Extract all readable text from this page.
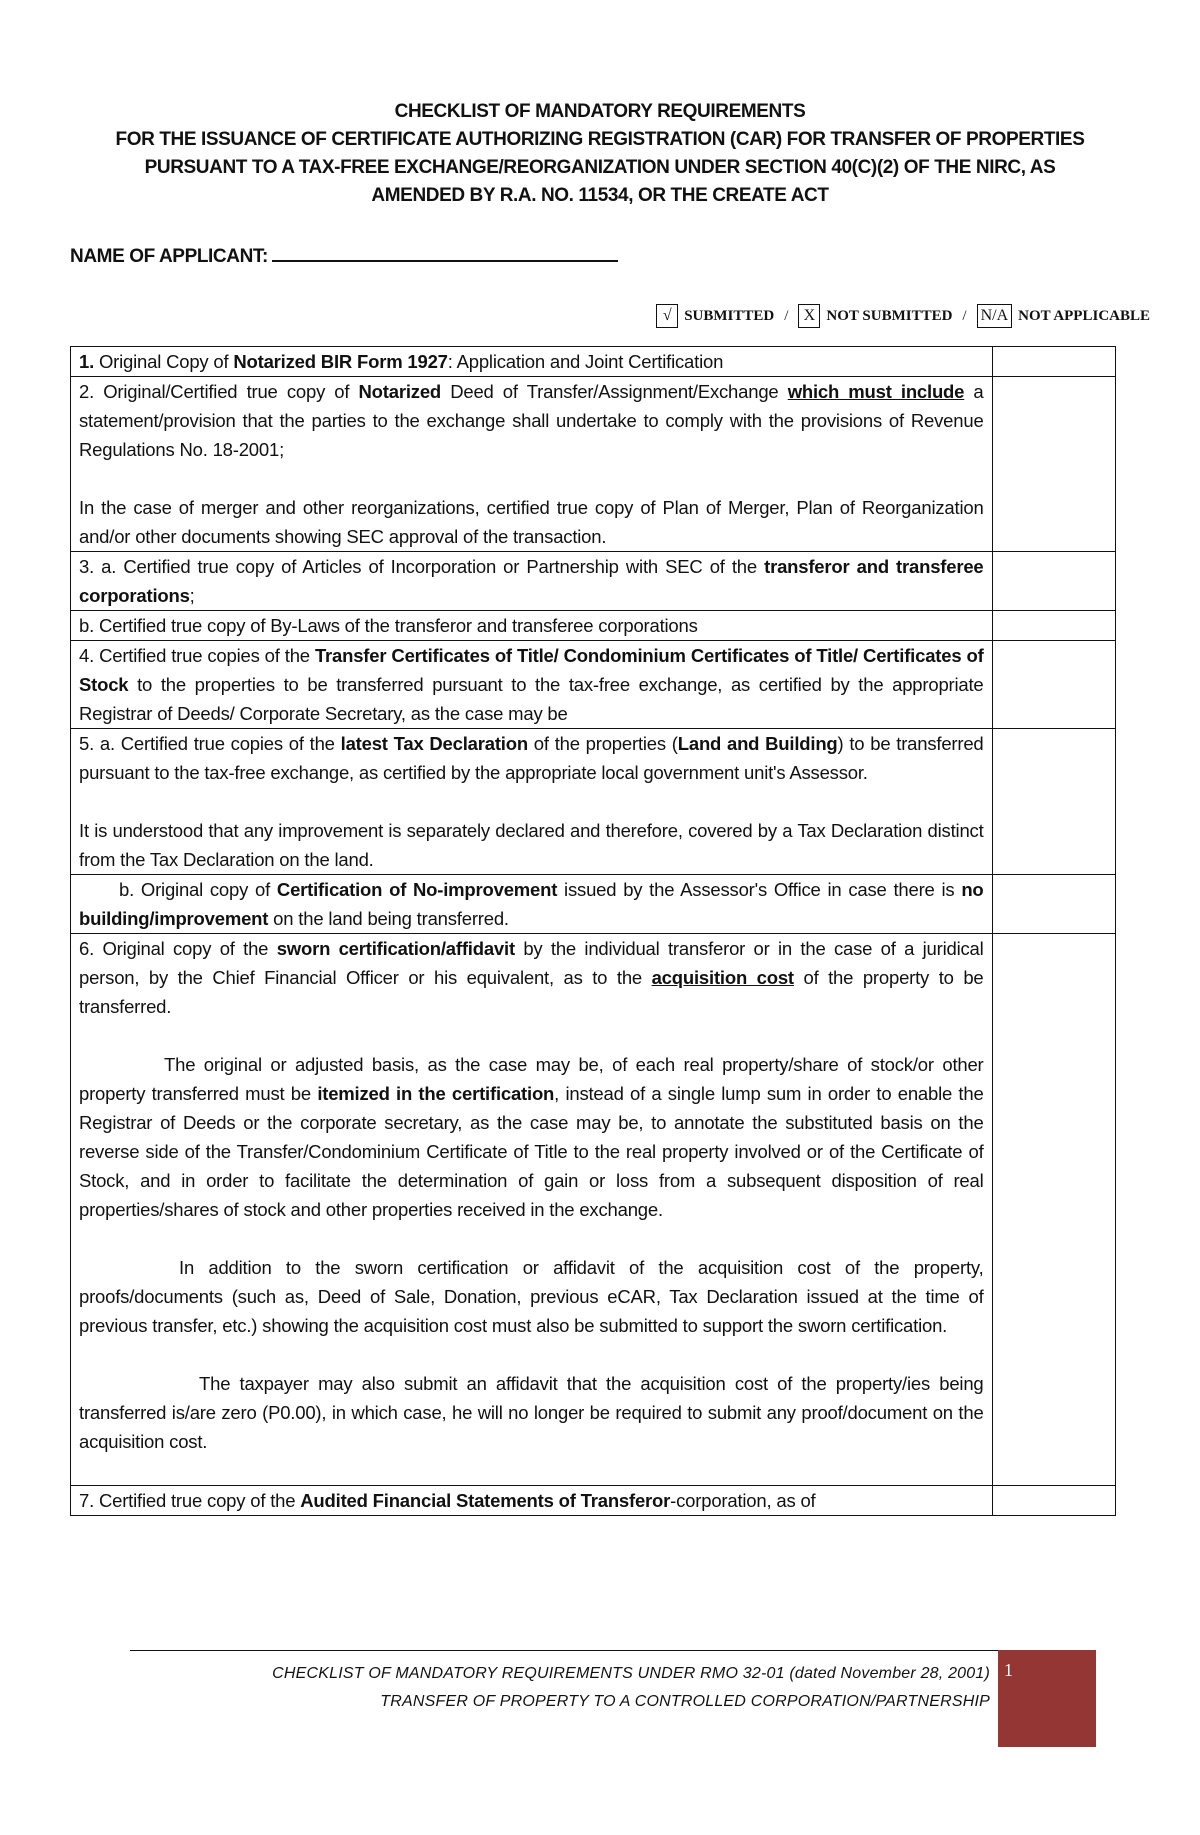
CHECKLIST OF MANDATORY REQUIREMENTS
FOR THE ISSUANCE OF CERTIFICATE AUTHORIZING REGISTRATION (CAR) FOR TRANSFER OF PROPERTIES
PURSUANT TO A TAX-FREE EXCHANGE/REORGANIZATION UNDER SECTION 40(C)(2) OF THE NIRC, AS
AMENDED BY R.A. NO. 11534, OR THE CREATE ACT
NAME OF APPLICANT:
√ SUBMITTED / X NOT SUBMITTED / N/A NOT APPLICABLE
1. Original Copy of Notarized BIR Form 1927: Application and Joint Certification	
2. Original/Certified true copy of Notarized Deed of Transfer/Assignment/Exchange which must include a statement/provision that the parties to the exchange shall undertake to comply with the provisions of Revenue Regulations No. 18-2001;
In the case of merger and other reorganizations, certified true copy of Plan of Merger, Plan of Reorganization and/or other documents showing SEC approval of the transaction.	

3. a. Certified true copy of Articles of Incorporation or Partnership with SEC of the transferor and transferee corporations;	
b. Certified true copy of By-Laws of the transferor and transferee corporations	
4. Certified true copies of the Transfer Certificates of Title/ Condominium Certificates of Title/ Certificates of Stock to the properties to be transferred pursuant to the tax-free exchange, as certified by the appropriate Registrar of Deeds/ Corporate Secretary, as the case may be	
5. a. Certified true copies of the latest Tax Declaration of the properties (Land and Building) to be transferred pursuant to the tax-free exchange, as certified by the appropriate local government unit's Assessor.
It is understood that any improvement is separately declared and therefore, covered by a Tax Declaration distinct from the Tax Declaration on the land.	

b. Original copy of Certification of No-improvement issued by the Assessor's Office in case there is no building/improvement on the land being transferred.	
6. Original copy of the sworn certification/affidavit by the individual transferor or in the case of a juridical person, by the Chief Financial Officer or his equivalent, as to the acquisition cost of the property to be transferred.
The original or adjusted basis, as the case may be, of each real property/share of stock/or other property transferred must be itemized in the certification, instead of a single lump sum in order to enable the Registrar of Deeds or the corporate secretary, as the case may be, to annotate the substituted basis on the reverse side of the Transfer/Condominium Certificate of Title to the real property involved or of the Certificate of Stock, and in order to facilitate the determination of gain or loss from a subsequent disposition of real properties/shares of stock and other properties received in the exchange.
In addition to the sworn certification or affidavit of the acquisition cost of the property, proofs/documents (such as, Deed of Sale, Donation, previous eCAR, Tax Declaration issued at the time of previous transfer, etc.) showing the acquisition cost must also be submitted to support the sworn certification.
The taxpayer may also submit an affidavit that the acquisition cost of the property/ies being transferred is/are zero (P0.00), in which case, he will no longer be required to submit any proof/document on the acquisition cost.	

7. Certified true copy of the Audited Financial Statements of Transferor-corporation, as of	
CHECKLIST OF MANDATORY REQUIREMENTS UNDER RMO 32-01 (dated November 28, 2001)
TRANSFER OF PROPERTY TO A CONTROLLED CORPORATION/PARTNERSHIP
1
